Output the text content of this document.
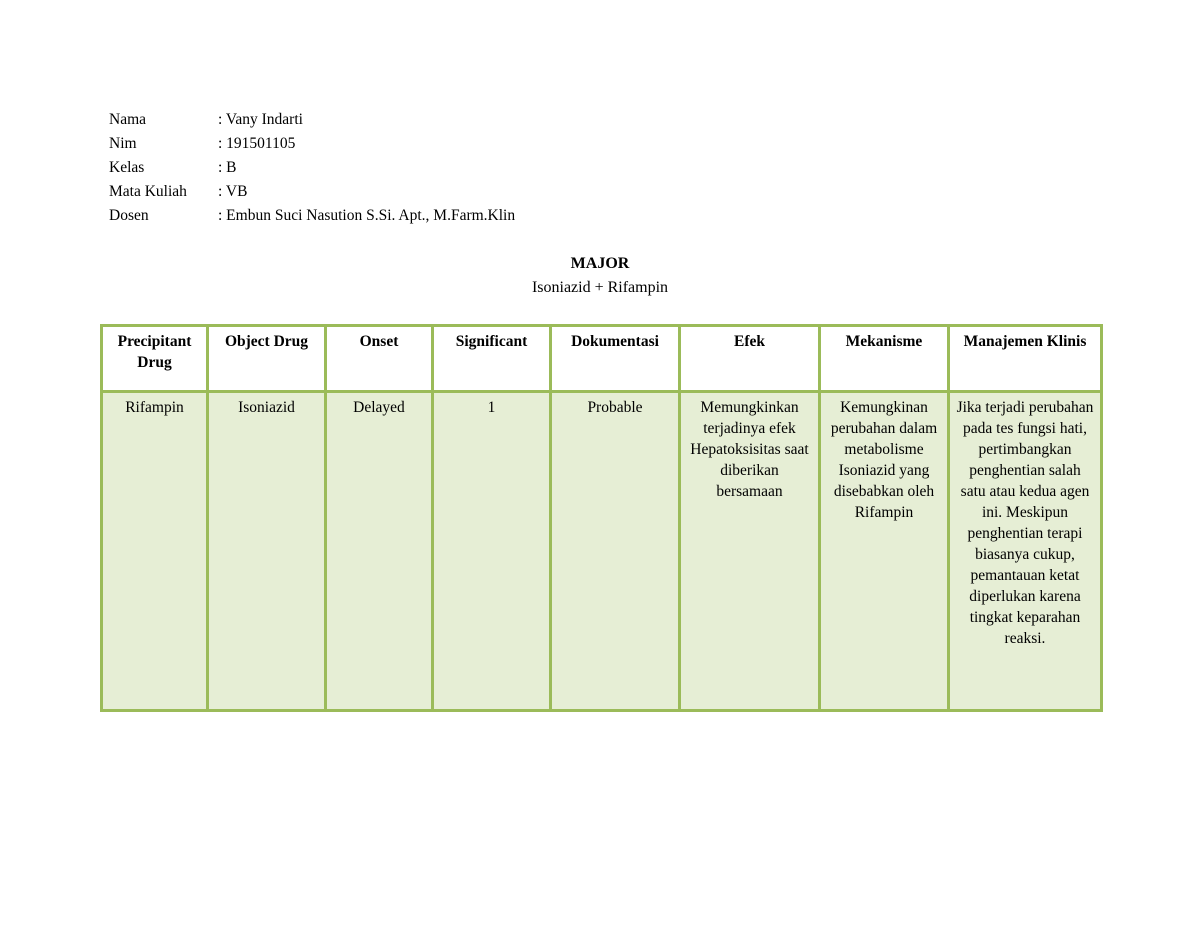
Nama	: Vany Indarti
Nim	: 191501105
Kelas	: B
Mata Kuliah	: VB
Dosen	: Embun Suci Nasution S.Si. Apt., M.Farm.Klin
MAJOR
Isoniazid + Rifampin
Precipitant Drug	Object Drug	Onset	Significant	Dokumentasi	Efek	Mekanisme	Manajemen Klinis
Rifampin	Isoniazid	Delayed	1	Probable	Memungkinkan terjadinya efek Hepatoksisitas saat diberikan bersamaan	Kemungkinan perubahan dalam metabolisme Isoniazid yang disebabkan oleh Rifampin	Jika terjadi perubahan pada tes fungsi hati, pertimbangkan penghentian salah satu atau kedua agen ini. Meskipun penghentian terapi biasanya cukup, pemantauan ketat diperlukan karena tingkat keparahan reaksi.
